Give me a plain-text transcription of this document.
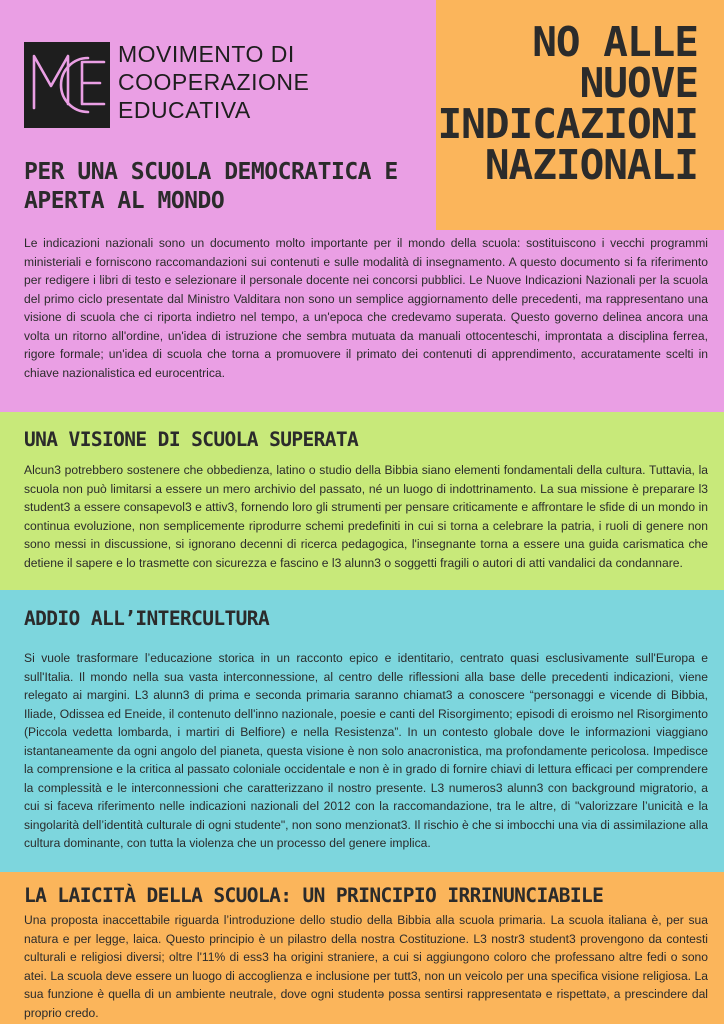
MOVIMENTO DI
COOPERAZIONE
EDUCATIVA
NO ALLE
NUOVE
INDICAZIONI
NAZIONALI
PER UNA SCUOLA DEMOCRATICA E APERTA AL MONDO

Le indicazioni nazionali sono un documento molto importante per il mondo della scuola: sostituiscono i vecchi programmi ministeriali e forniscono raccomandazioni sui contenuti e sulle modalità di insegnamento. A questo documento si fa riferimento per redigere i libri di testo e selezionare il personale docente nei concorsi pubblici. Le Nuove Indicazioni Nazionali per la scuola del primo ciclo presentate dal Ministro Valditara non sono un semplice aggiornamento delle precedenti, ma rappresentano una visione di scuola che ci riporta indietro nel tempo, a un'epoca che credevamo superata. Questo governo delinea ancora una volta un ritorno all'ordine, un'idea di istruzione che sembra mutuata da manuali ottocenteschi, improntata a disciplina ferrea, rigore formale; un'idea di scuola che torna a promuovere il primato dei contenuti di apprendimento, accuratamente scelti in chiave nazionalistica ed eurocentrica.

UNA VISIONE DI SCUOLA SUPERATA

Alcun3 potrebbero sostenere che obbedienza, latino o studio della Bibbia siano elementi fondamentali della cultura. Tuttavia, la scuola non può limitarsi a essere un mero archivio del passato, né un luogo di indottrinamento. La sua missione è preparare l3 student3 a essere consapevol3 e attiv3, fornendo loro gli strumenti per pensare criticamente e affrontare le sfide di un mondo in continua evoluzione, non semplicemente riprodurre schemi predefiniti in cui si torna a celebrare la patria, i ruoli di genere non sono messi in discussione, si ignorano decenni di ricerca pedagogica, l'insegnante torna a essere una guida carismatica che detiene il sapere e lo trasmette con sicurezza e fascino e l3 alunn3 o soggetti fragili o autori di atti vandalici da condannare.

ADDIO ALL’INTERCULTURA

Si vuole trasformare l’educazione storica in un racconto epico e identitario, centrato quasi esclusivamente sull'Europa e sull'Italia. Il mondo nella sua vasta interconnessione, al centro delle riflessioni alla base delle precedenti indicazioni, viene relegato ai margini. L3 alunn3 di prima e seconda primaria saranno chiamat3 a conoscere “personaggi e vicende di Bibbia, Iliade, Odissea ed Eneide, il contenuto dell'inno nazionale, poesie e canti del Risorgimento; episodi di eroismo nel Risorgimento (Piccola vedetta lombarda, i martiri di Belfiore) e nella Resistenza”. In un contesto globale dove le informazioni viaggiano istantaneamente da ogni angolo del pianeta, questa visione è non solo anacronistica, ma profondamente pericolosa. Impedisce la comprensione e la critica al passato coloniale occidentale e non è in grado di fornire chiavi di lettura efficaci per comprendere la complessità e le interconnessioni che caratterizzano il nostro presente. L3 numeros3 alunn3 con background migratorio, a cui si faceva riferimento nelle indicazioni nazionali del 2012 con la raccomandazione, tra le altre, di "valorizzare l’unicità e la singolarità dell’identità culturale di ogni studente", non sono menzionat3. Il rischio è che si imbocchi una via di assimilazione alla cultura dominante, con tutta la violenza che un processo del genere implica.

LA LAICITÀ DELLA SCUOLA: UN PRINCIPIO IRRINUNCIABILE

Una proposta inaccettabile riguarda l’introduzione dello studio della Bibbia alla scuola primaria. La scuola italiana è, per sua natura e per legge, laica. Questo principio è un pilastro della nostra Costituzione. L3 nostr3 student3 provengono da contesti culturali e religiosi diversi; oltre l'11% di ess3 ha origini straniere, a cui si aggiungono coloro che professano altre fedi o sono atei. La scuola deve essere un luogo di accoglienza e inclusione per tutt3, non un veicolo per una specifica visione religiosa. La sua funzione è quella di un ambiente neutrale, dove ogni studentə possa sentirsi rappresentatə e rispettatə, a prescindere dal proprio credo.
